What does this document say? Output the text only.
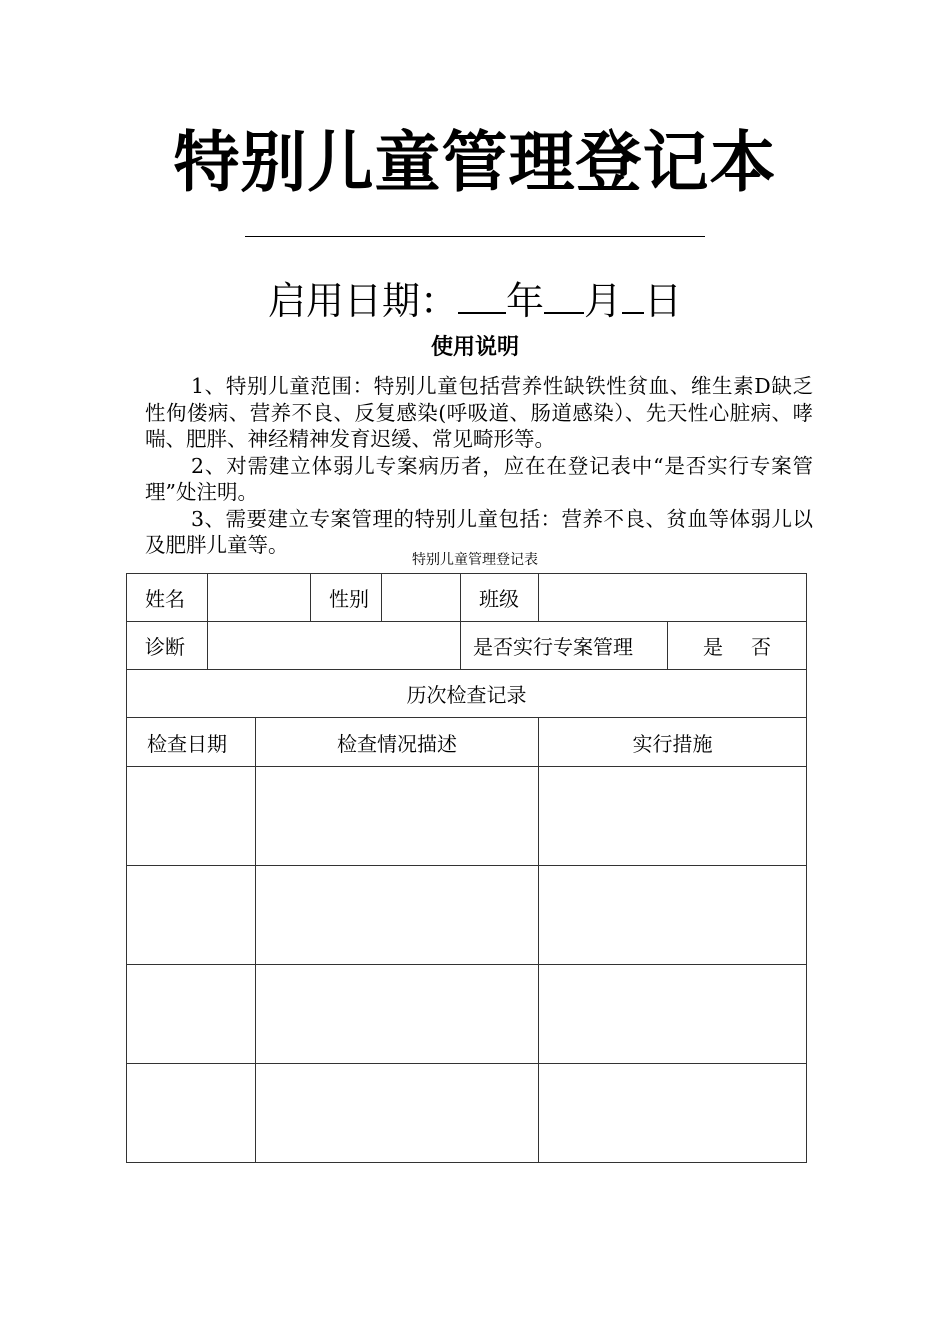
特别儿童管理登记本
启用日期： 年 月 日
使用说明

1、特别儿童范围：特别儿童包括营养性缺铁性贫血、维生素D缺乏性佝偻病、营养不良、反复感染(呼吸道、肠道感染）、先天性心脏病、哮喘、肥胖、神经精神发育迟缓、常见畸形等。

2、对需建立体弱儿专案病历者，应在在登记表中“是否实行专案管理”处注明。

3、需要建立专案管理的特别儿童包括：营养不良、贫血等体弱儿以及肥胖儿童等。

特别儿童管理登记表
姓名			性别		班级		
诊断					是否实行专案管理		是 否
历次检查记录							
检查日期		检查情况描述				实行措施	
